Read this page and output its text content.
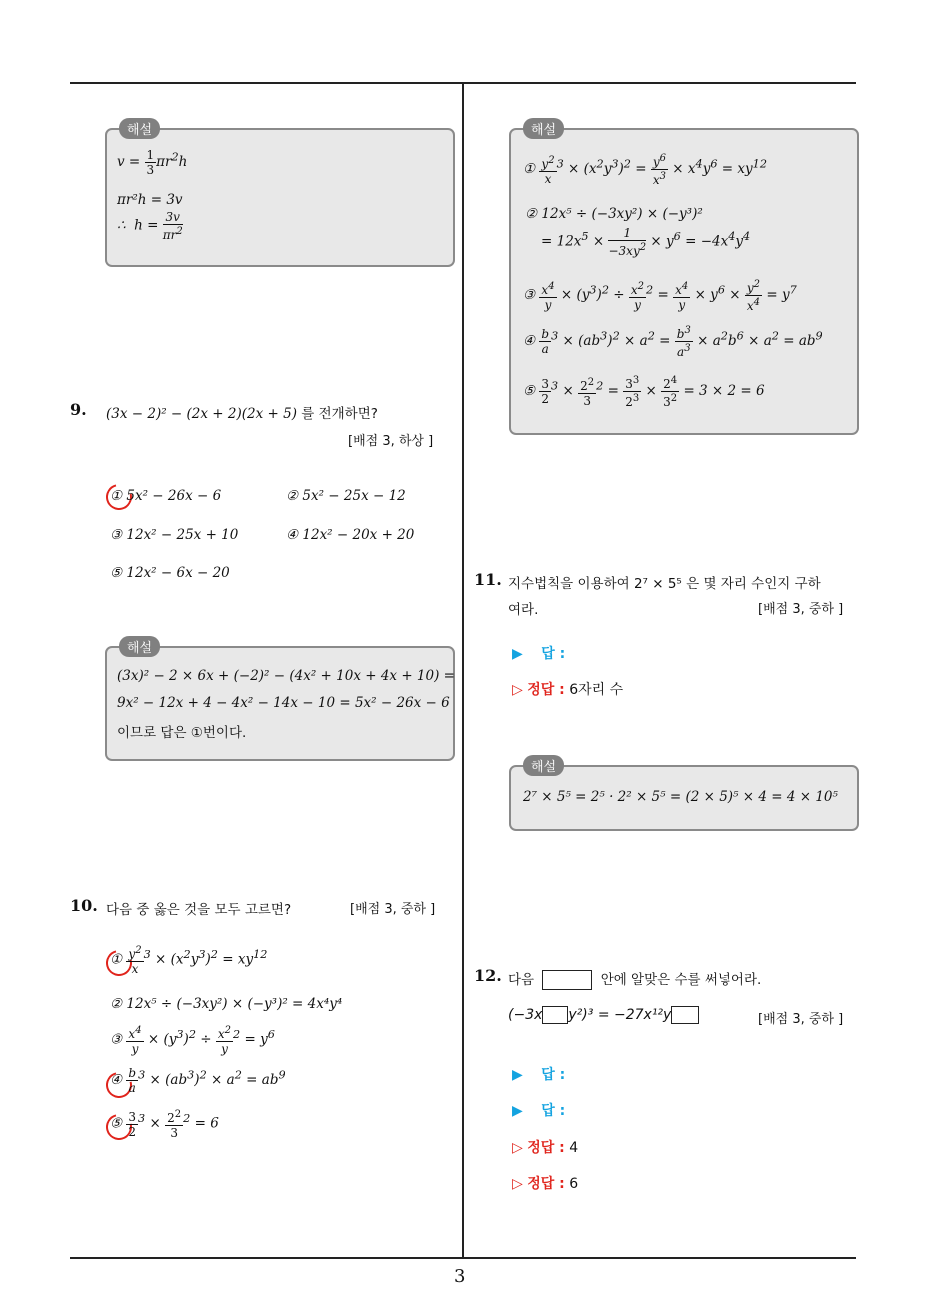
3
해설
$v = \frac{1}{3} \pi r^2h$
πr²h = 3v
∴  $h = \frac{3v}{\pi r^2}$
9. (3x − 2)² − (2x + 2)(2x + 5) 를 전개하면?
[배점 3, 하상 ]
① 5x² − 26x − 6	② 5x² − 25x − 12
③ 12x² − 25x + 10	④ 12x² − 20x + 20
⑤ 12x² − 6x − 20
해설
(3x)² − 2 × 6x + (−2)² − (4x² + 10x + 4x + 10) =
9x² − 12x + 4 − 4x² − 14x − 10 = 5x² − 26x − 6
이므로 답은 ①번이다.
10. 다음 중 옳은 것을 모두 고르면?	[배점 3, 중하 ]
① $\frac{y^2}{x} ^3 \times (x^2y^3)^2 = xy^{12}$
② 12x⁵ ÷ (−3xy²) × (−y³)² = 4x⁴y⁴
③ $\frac{x^4}{y} \times (y^3)^2 \div \frac{x^2}{y} ^2 = y^6$
④ $\frac{b}{a} ^3 \times (ab^3)^2 \times a^2 = ab^9$
⑤ $\frac{3}{2} ^3 \times \frac{2^2}{3} ^2 = 6$
해설
① $\frac{y^2}{x} ^3 \times (x^2y^3)^2 = \frac{y^6}{x^3} \times x^4y^6 = xy^{12}$
② 12x⁵ ÷ (−3xy²) × (−y³)²
= $12x^5 \times \frac{1}{-3xy^2} \times y^6 = -4x^4y^4$
③ $\frac{x^4}{y} \times (y^3)^2 \div \frac{x^2}{y} ^2 = \frac{x^4}{y} \times y^6 \times \frac{y^2}{x^4} = y^7$
④ $\frac{b}{a} ^3 \times (ab^3)^2 \times a^2 = \frac{b^3}{a^3} \times a^2b^6 \times a^2 = ab^9$
⑤ $\frac{3}{2} ^3 \times \frac{2^2}{3} ^2 = \frac{3^3}{2^3} \times \frac{2^4}{3^2} = 3 \times 2 = 6$
11. 지수법칙을 이용하여 2⁷ × 5⁵ 은 몇 자리 수인지 구하
여라.	[배점 3, 중하 ]
▶ 답 :
▷ 정답 : 6자리 수
해설
2⁷ × 5⁵ = 2⁵ · 2² × 5⁵ = (2 × 5)⁵ × 4 = 4 × 10⁵
12. 다음	안에 알맞은 수를 써넣어라.
(−3x y²)³ = −27x¹²y	[배점 3, 중하 ]
▶ 답 :
▶ 답 :
▷ 정답 : 4
▷ 정답 : 6
